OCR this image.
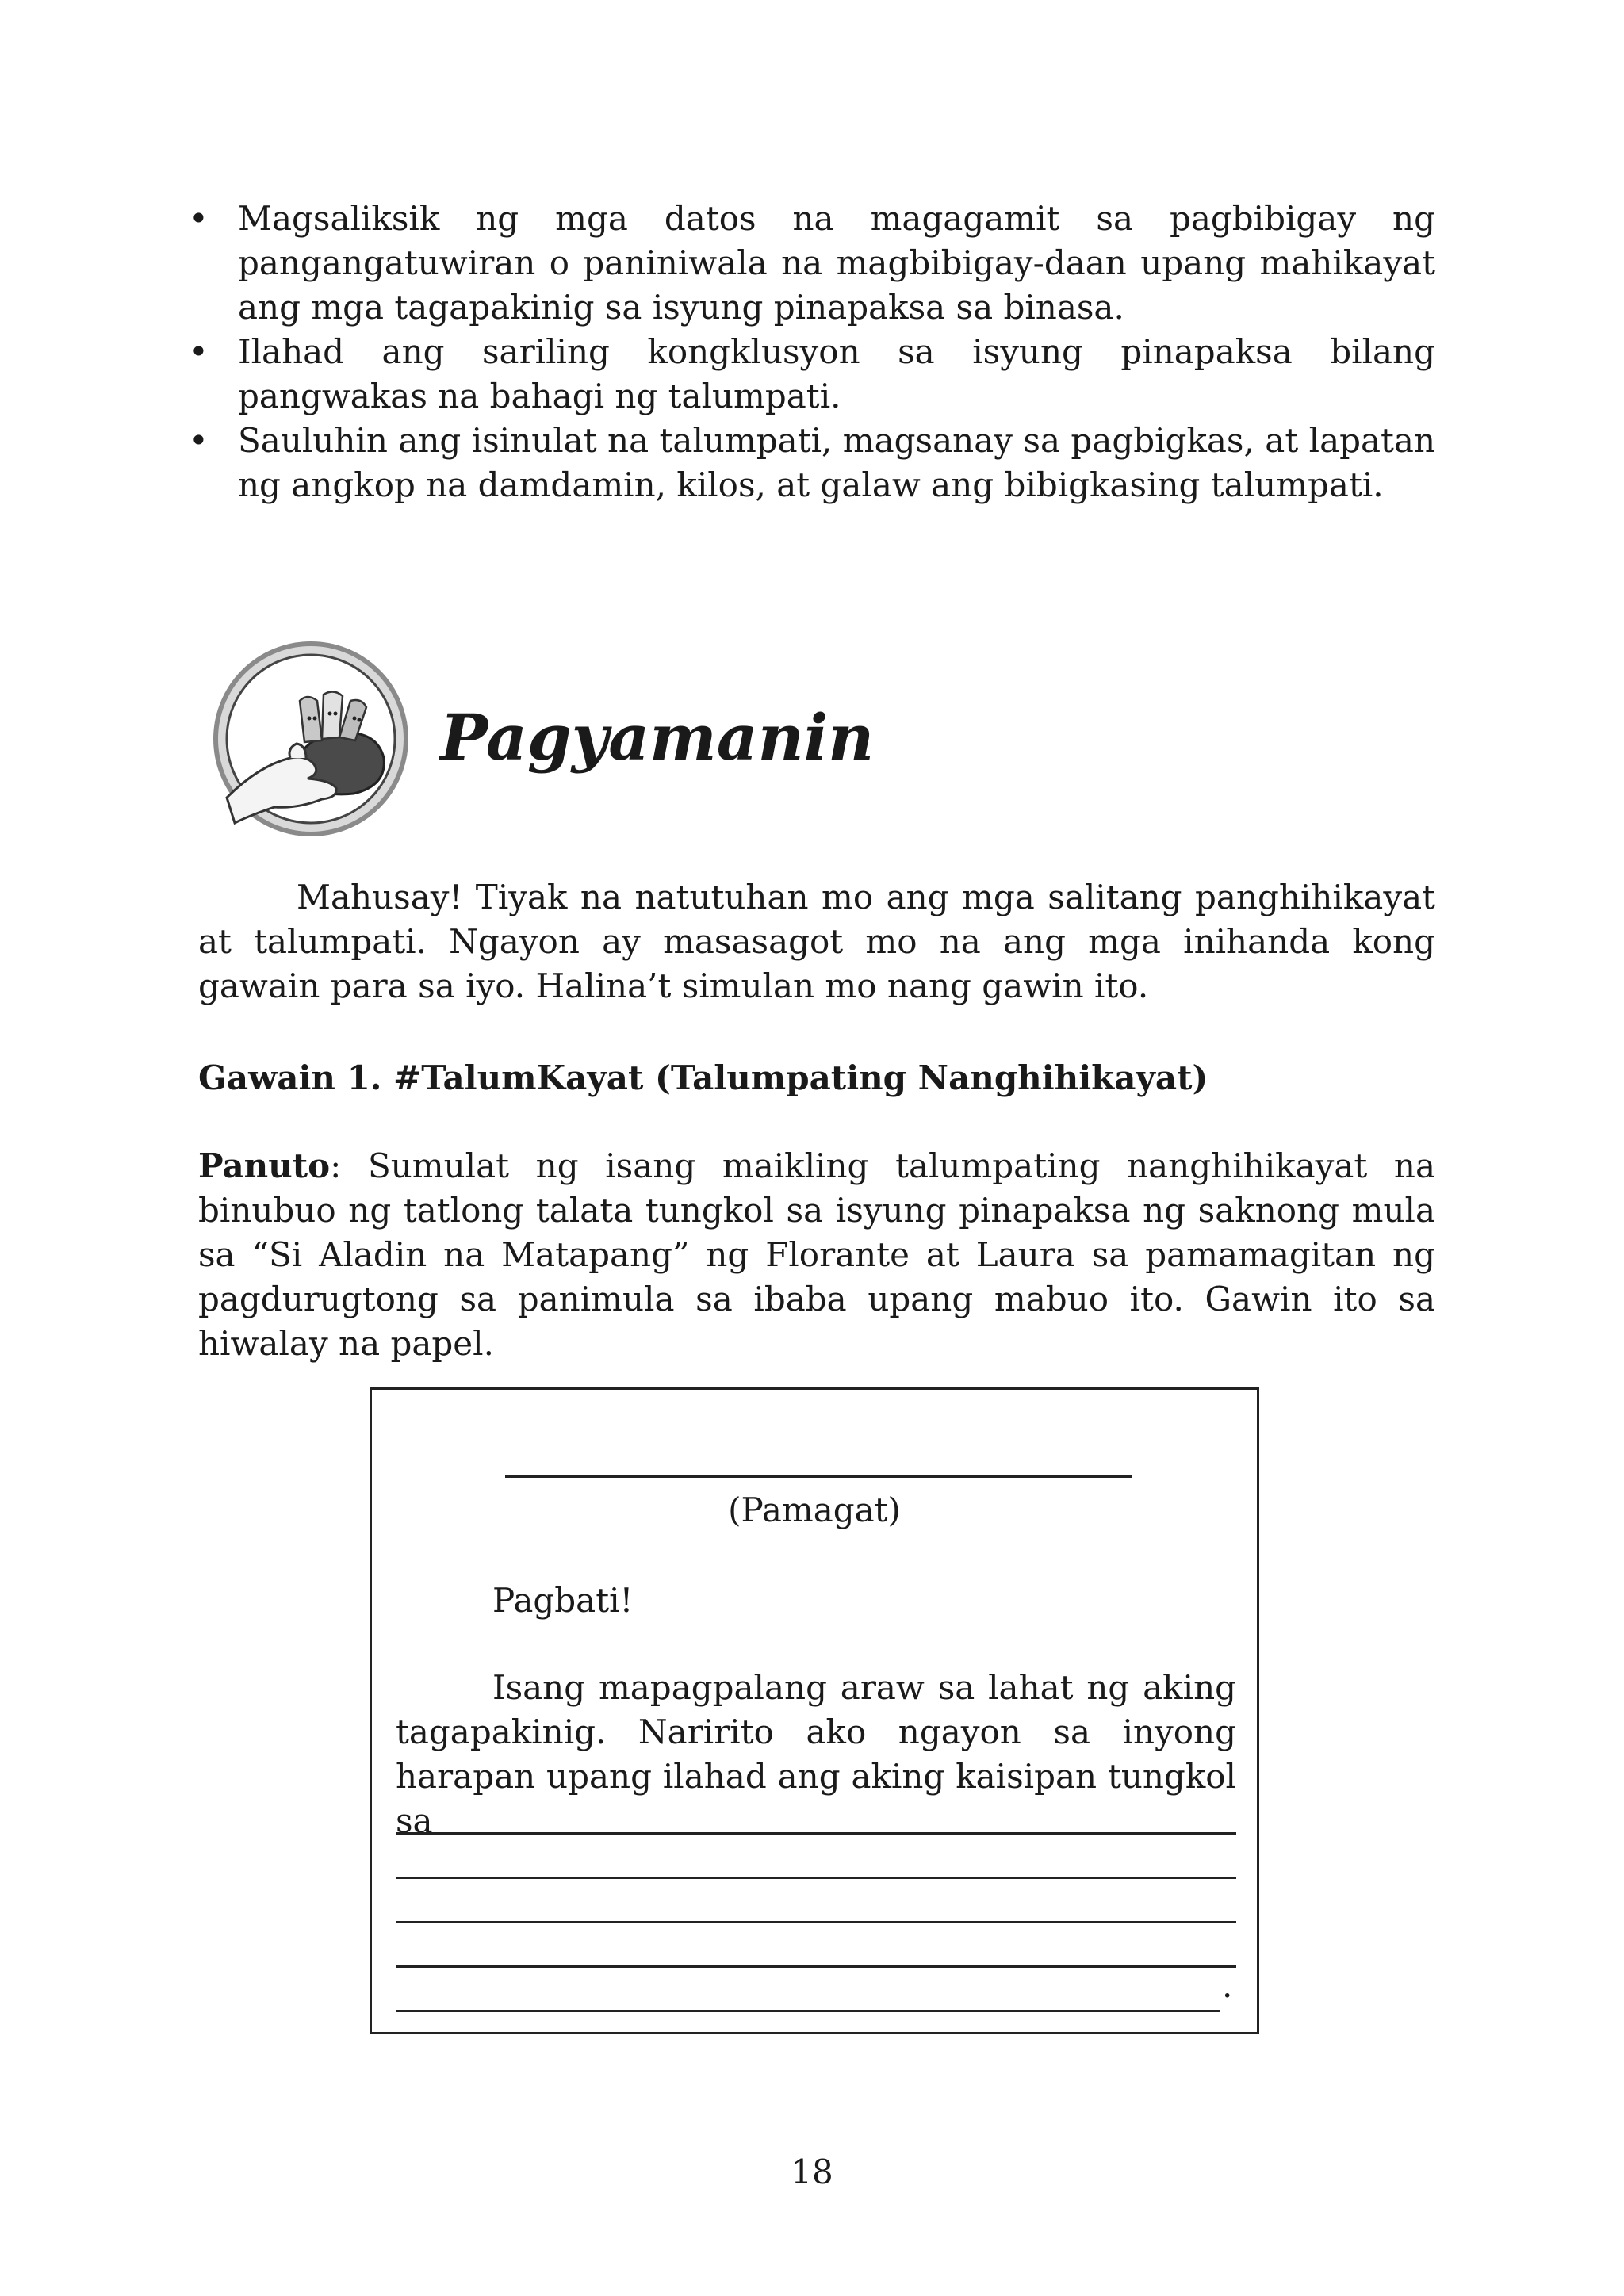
• Magsaliksik ng mga datos na magagamit sa pagbibigay ng pangangatuwiran o paniniwala na magbibigay-daan upang mahikayat ang mga tagapakinig sa isyung pinapaksa sa binasa.
• Ilahad ang sariling kongklusyon sa isyung pinapaksa bilang pangwakas na bahagi ng talumpati.
• Sauluhin ang isinulat na talumpati, magsanay sa pagbigkas, at lapatan ng angkop na damdamin, kilos, at galaw ang bibigkasing talumpati.
Pagyamanin

Mahusay! Tiyak na natutuhan mo ang mga salitang panghihikayat at talumpati. Ngayon ay masasagot mo na ang mga inihanda kong gawain para sa iyo. Halina’t simulan mo nang gawin ito.

Gawain 1. #TalumKayat (Talumpating Nanghihikayat)

Panuto: Sumulat ng isang maikling talumpating nanghihikayat na binubuo ng tatlong talata tungkol sa isyung pinapaksa ng saknong mula sa “Si Aladin na Matapang” ng Florante at Laura sa pamamagitan ng pagdurugtong sa panimula sa ibaba upang mabuo ito. Gawin ito sa hiwalay na papel.

(Pamagat)

Pagbati!

Isang mapagpalang araw sa lahat ng aking tagapakinig. Naririto ako ngayon sa inyong harapan upang ilahad ang aking kaisipan tungkol sa

.

18
